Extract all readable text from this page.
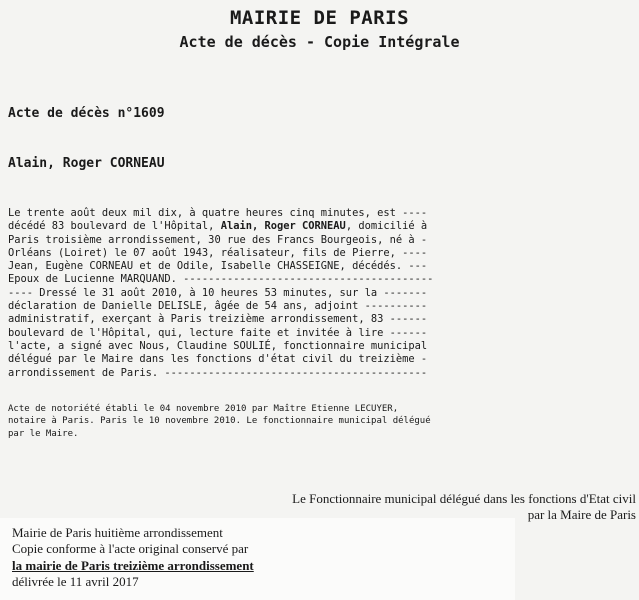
MAIRIE DE PARIS
Acte de décès - Copie Intégrale
Acte de décès n°1609
Alain, Roger CORNEAU
Le trente août deux mil dix, à quatre heures cinq minutes, est ----
décédé 83 boulevard de l'Hôpital, Alain, Roger CORNEAU, domicilié à
Paris troisième arrondissement, 30 rue des Francs Bourgeois, né à -
Orléans (Loiret) le 07 août 1943, réalisateur, fils de Pierre, ----
Jean, Eugène CORNEAU et de Odile, Isabelle CHASSEIGNE, décédés. ---
Epoux de Lucienne MARQUAND. ----------------------------------------
---- Dressé le 31 août 2010, à 10 heures 53 minutes, sur la -------
déclaration de Danielle DELISLE, âgée de 54 ans, adjoint ----------
administratif, exerçant à Paris treizième arrondissement, 83 ------
boulevard de l'Hôpital, qui, lecture faite et invitée à lire ------
l'acte, a signé avec Nous, Claudine SOULIÉ, fonctionnaire municipal
délégué par le Maire dans les fonctions d'état civil du treizième -
arrondissement de Paris. ------------------------------------------
Acte de notoriété établi le 04 novembre 2010 par Maître Etienne LECUYER,
notaire à Paris. Paris le 10 novembre 2010. Le fonctionnaire municipal délégué
par le Maire.
Le Fonctionnaire municipal délégué dans les fonctions d'Etat civil
par la Maire de Paris
Mairie de Paris huitième arrondissement
Copie conforme à l'acte original conservé par
la mairie de Paris treizième arrondissement
délivrée le 11 avril 2017
